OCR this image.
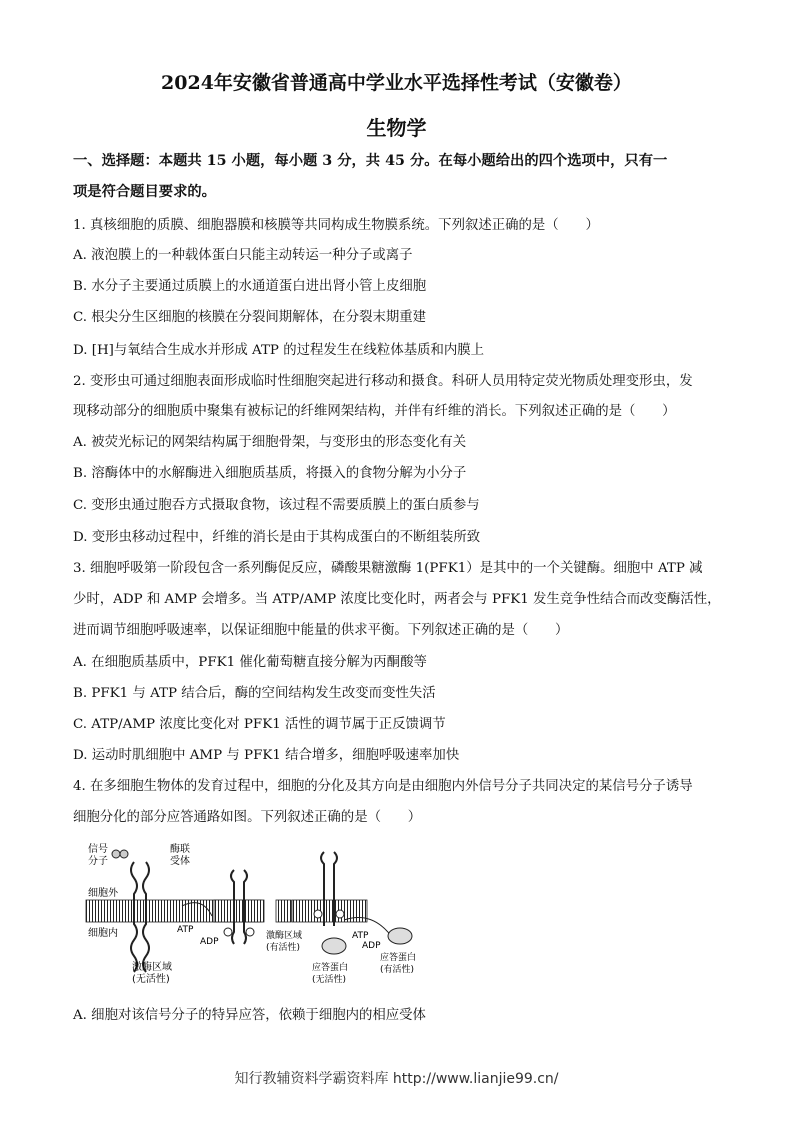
2024年安徽省普通高中学业水平选择性考试（安徽卷）
生物学
一、选择题：本题共 15 小题，每小题 3 分，共 45 分。在每小题给出的四个选项中，只有一
项是符合题目要求的。
1. 真核细胞的质膜、细胞器膜和核膜等共同构成生物膜系统。下列叙述正确的是（　　）
A. 液泡膜上的一种载体蛋白只能主动转运一种分子或离子
B. 水分子主要通过质膜上的水通道蛋白进出肾小管上皮细胞
C. 根尖分生区细胞的核膜在分裂间期解体，在分裂末期重建
D. [H]与氧结合生成水并形成 ATP 的过程发生在线粒体基质和内膜上
2. 变形虫可通过细胞表面形成临时性细胞突起进行移动和摄食。科研人员用特定荧光物质处理变形虫，发
现移动部分的细胞质中聚集有被标记的纤维网架结构，并伴有纤维的消长。下列叙述正确的是（　　）
A. 被荧光标记的网架结构属于细胞骨架，与变形虫的形态变化有关
B. 溶酶体中的水解酶进入细胞质基质，将摄入的食物分解为小分子
C. 变形虫通过胞吞方式摄取食物，该过程不需要质膜上的蛋白质参与
D. 变形虫移动过程中，纤维的消长是由于其构成蛋白的不断组装所致
3. 细胞呼吸第一阶段包含一系列酶促反应，磷酸果糖激酶 1(PFK1）是其中的一个关键酶。细胞中 ATP 减
少时，ADP 和 AMP 会增多。当 ATP/AMP 浓度比变化时，两者会与 PFK1 发生竞争性结合而改变酶活性，
进而调节细胞呼吸速率，以保证细胞中能量的供求平衡。下列叙述正确的是（　　）
A. 在细胞质基质中，PFK1 催化葡萄糖直接分解为丙酮酸等
B. PFK1 与 ATP 结合后，酶的空间结构发生改变而变性失活
C. ATP/AMP 浓度比变化对 PFK1 活性的调节属于正反馈调节
D. 运动时肌细胞中 AMP 与 PFK1 结合增多，细胞呼吸速率加快
4. 在多细胞生物体的发育过程中，细胞的分化及其方向是由细胞内外信号分子共同决定的某信号分子诱导
细胞分化的部分应答通路如图。下列叙述正确的是（　　）
信号
分子
酶联
受体
细胞外
细胞内
激酶区域
(无活性)
ATP
ADP
激酶区域
(有活性)
ATP
ADP
应答蛋白
(无活性)
应答蛋白
(有活性)
A. 细胞对该信号分子的特异应答，依赖于细胞内的相应受体
知行教辅资料学霸资料库 http://www.lianjie99.cn/
